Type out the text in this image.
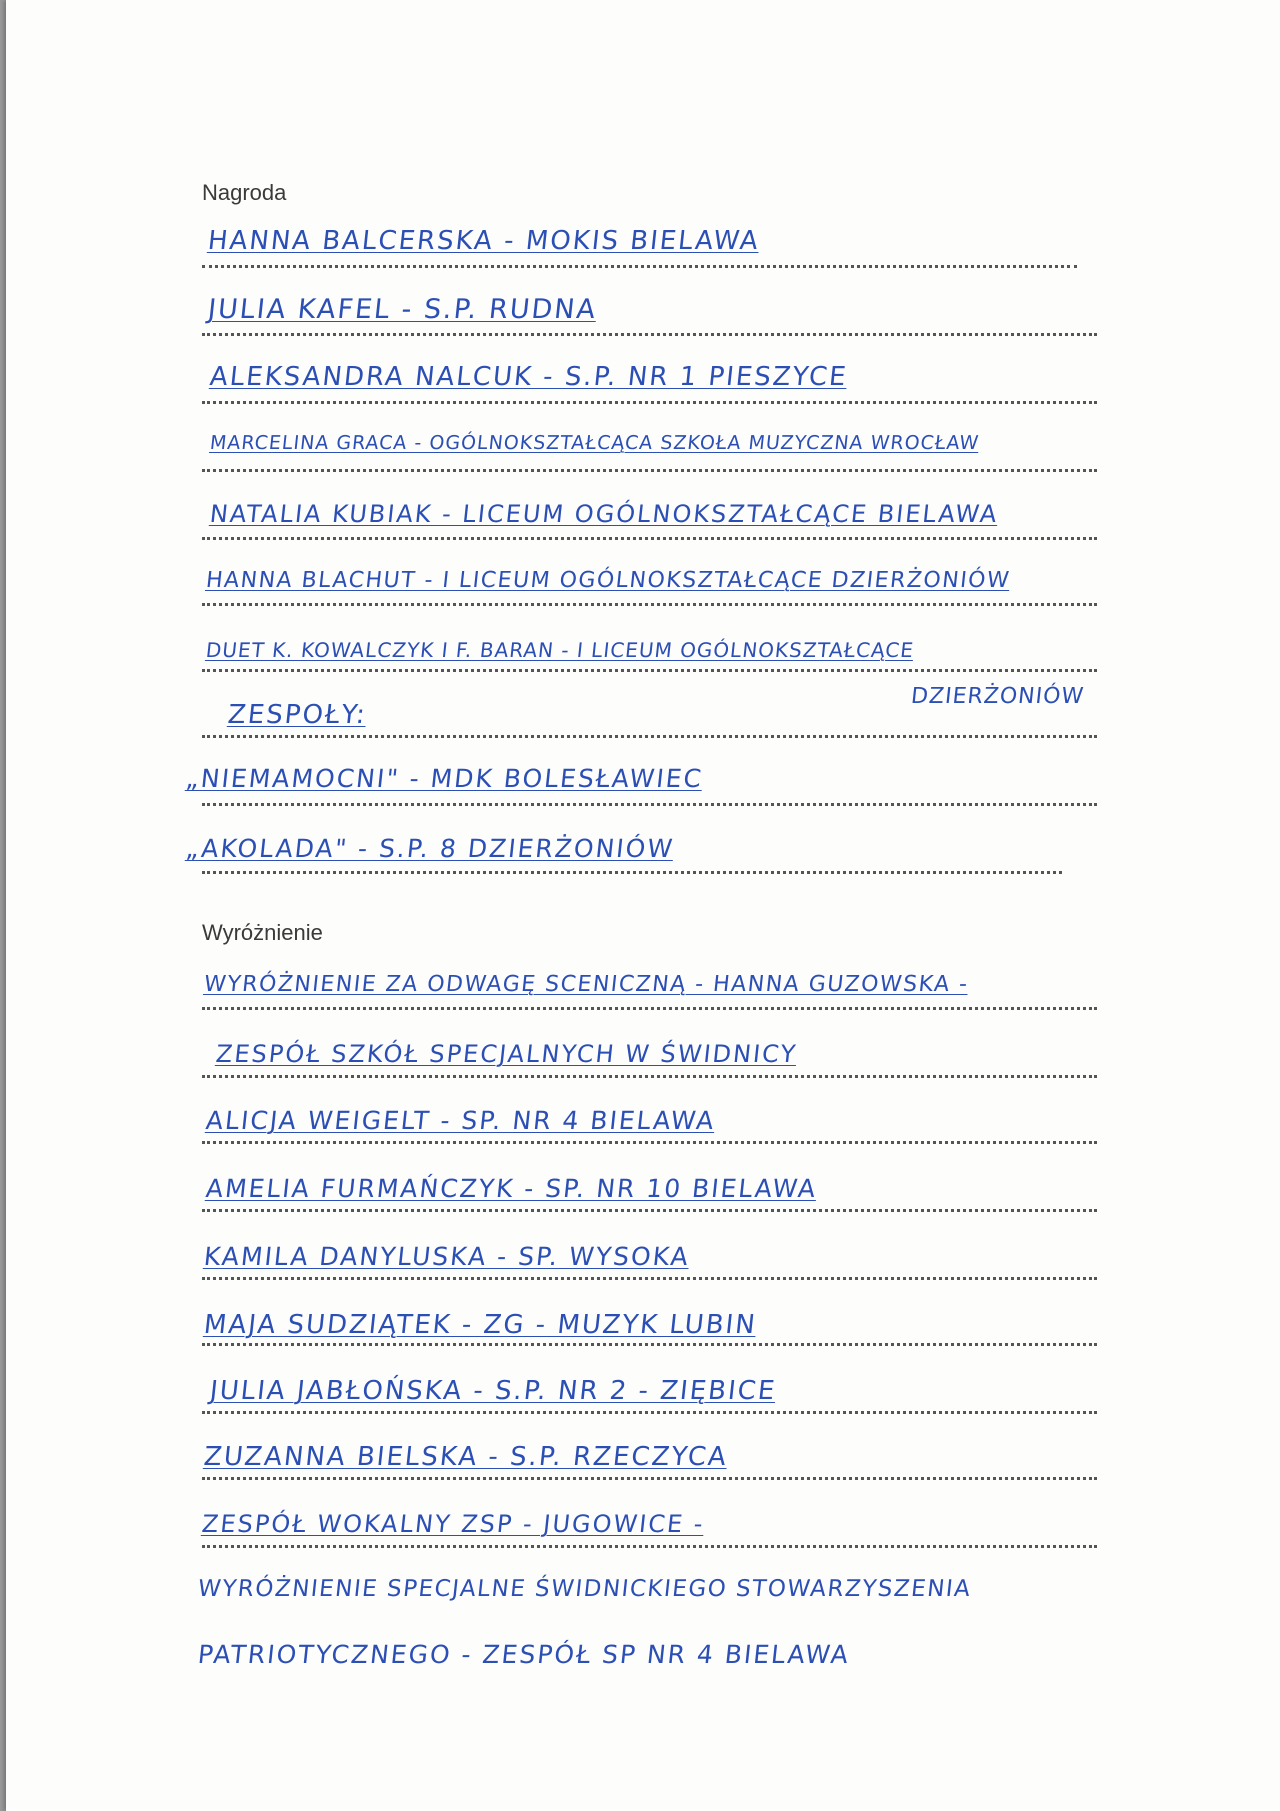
Nagroda
HANNA BALCERSKA - MOKIS BIELAWA
JULIA KAFEL - S.P. RUDNA
ALEKSANDRA NALCUK - S.P. NR 1 PIESZYCE
MARCELINA GRACA - OGÓLNOKSZTAŁCĄCA SZKOŁA MUZYCZNA WROCŁAW
NATALIA KUBIAK - LICEUM OGÓLNOKSZTAŁCĄCE BIELAWA
HANNA BLACHUT - I LICEUM OGÓLNOKSZTAŁCĄCE DZIERŻONIÓW
DUET K. KOWALCZYK I F. BARAN - I LICEUM OGÓLNOKSZTAŁCĄCE
DZIERŻONIÓW
ZESPOŁY:
„NIEMAMOCNI" - MDK BOLESŁAWIEC
„AKOLADA" - S.P. 8 DZIERŻONIÓW
Wyróżnienie
WYRÓŻNIENIE ZA ODWAGĘ SCENICZNĄ - HANNA GUZOWSKA -
ZESPÓŁ SZKÓŁ SPECJALNYCH W ŚWIDNICY
ALICJA WEIGELT - SP. NR 4 BIELAWA
AMELIA FURMAŃCZYK - SP. NR 10 BIELAWA
KAMILA DANYLUSKA - SP. WYSOKA
MAJA SUDZIĄTEK - ZG - MUZYK LUBIN
JULIA JABŁOŃSKA - S.P. NR 2 - ZIĘBICE
ZUZANNA BIELSKA - S.P. RZECZYCA
ZESPÓŁ WOKALNY ZSP - JUGOWICE -
WYRÓŻNIENIE SPECJALNE ŚWIDNICKIEGO STOWARZYSZENIA
PATRIOTYCZNEGO - ZESPÓŁ SP NR 4 BIELAWA
